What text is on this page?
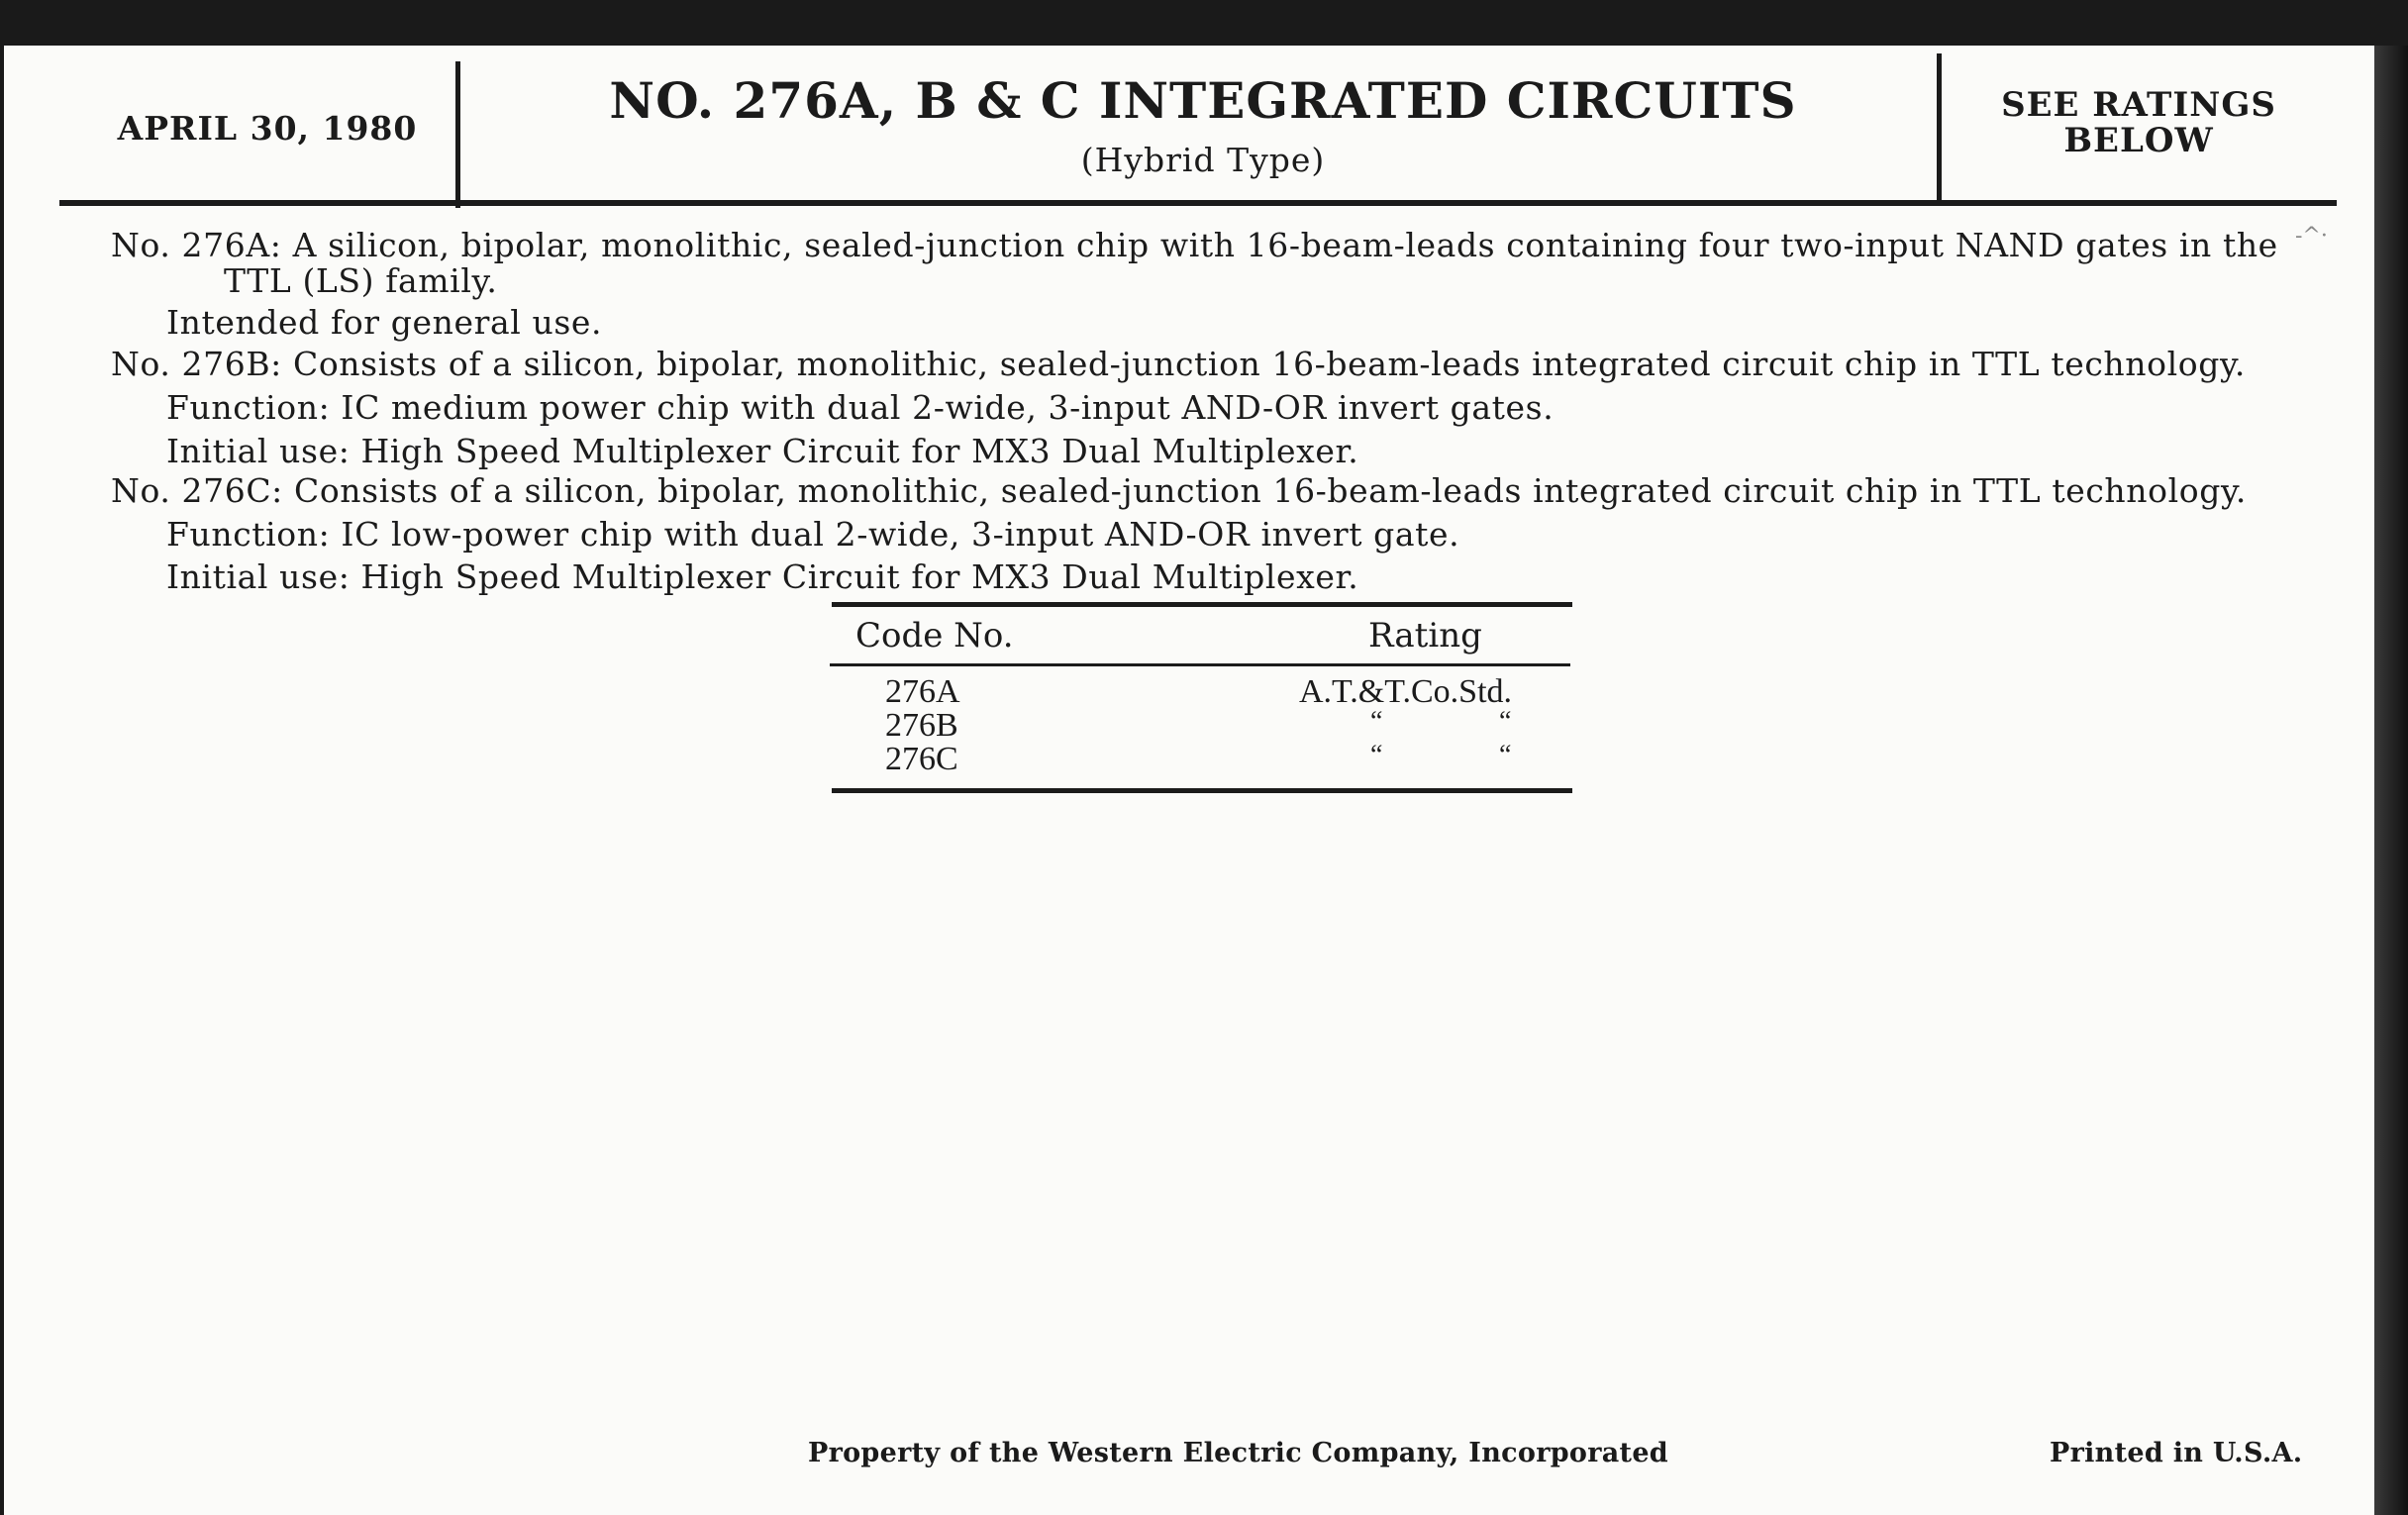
APRIL 30, 1980	NO. 276A, B & C INTEGRATED CIRCUITS
(Hybrid Type)
SEE RATINGS
BELOW
No. 276A: A silicon, bipolar, monolithic, sealed-junction chip with 16-beam-leads containing four two-input NAND gates in the -^·
TTL (LS) family.
Intended for general use.
No. 276B: Consists of a silicon, bipolar, monolithic, sealed-junction 16-beam-leads integrated circuit chip in TTL technology.
Function: IC medium power chip with dual 2-wide, 3-input AND-OR invert gates.
Initial use: High Speed Multiplexer Circuit for MX3 Dual Multiplexer.
No. 276C: Consists of a silicon, bipolar, monolithic, sealed-junction 16-beam-leads integrated circuit chip in TTL technology.
Function: IC low-power chip with dual 2-wide, 3-input AND-OR invert gate.
Initial use: High Speed Multiplexer Circuit for MX3 Dual Multiplexer.
Code No.	Rating
276A	A.T.&T.Co.Std.
276B	“	“
276C	“	“
Property of the Western Electric Company, Incorporated	Printed in U.S.A.
